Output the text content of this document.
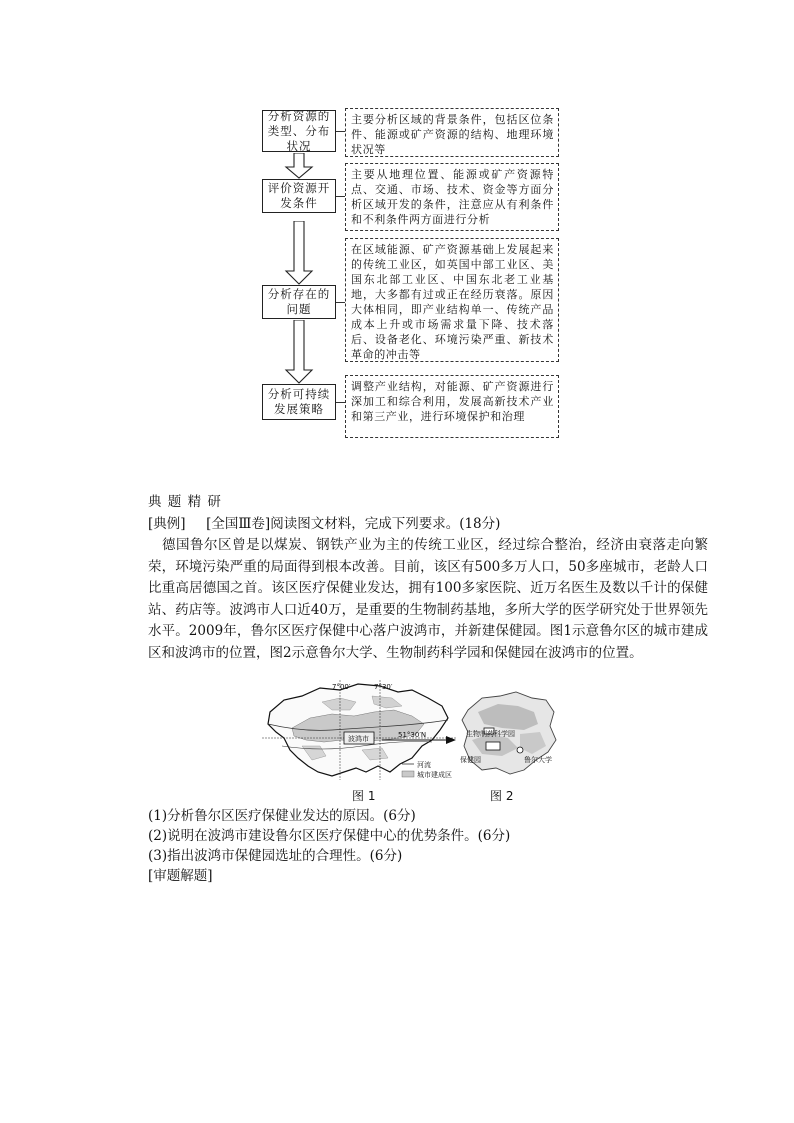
分析资源的类型、分布状况
主要分析区域的背景条件，包括区位条件、能源或矿产资源的结构、地理环境状况等
评价资源开发条件
主要从地理位置、能源或矿产资源特点、交通、市场、技术、资金等方面分析区域开发的条件，注意应从有利条件和不利条件两方面进行分析
分析存在的问题
在区域能源、矿产资源基础上发展起来的传统工业区，如英国中部工业区、美国东北部工业区、中国东北老工业基地，大多都有过或正在经历衰落。原因大体相同，即产业结构单一、传统产品成本上升或市场需求量下降、技术落后、设备老化、环境污染严重、新技术革命的冲击等
分析可持续发展策略
调整产业结构，对能源、矿产资源进行深加工和综合利用，发展高新技术产业和第三产业，进行环境保护和治理
典 题 精 研
[典例] [全国Ⅲ卷]阅读图文材料，完成下列要求。(18分)
德国鲁尔区曾是以煤炭、钢铁产业为主的传统工业区，经过综合整治，经济由衰落走向繁荣，环境污染严重的局面得到根本改善。目前，该区有500多万人口，50多座城市，老龄人口比重高居德国之首。该区医疗保健业发达，拥有100多家医院、近万名医生及数以千计的保健站、药店等。波鸿市人口近40万，是重要的生物制药基地，多所大学的医学研究处于世界领先水平。2009年，鲁尔区医疗保健中心落户波鸿市，并新建保健园。图1示意鲁尔区的城市建成区和波鸿市的位置，图2示意鲁尔大学、生物制药科学园和保健园在波鸿市的位置。
波鸿市
7°00′	7°30′
河流
城市建成区
51°30′N	生物制药科学园
保健园	鲁尔大学
图 1	图 2
(1)分析鲁尔区医疗保健业发达的原因。(6分)
(2)说明在波鸿市建设鲁尔区医疗保健中心的优势条件。(6分)
(3)指出波鸿市保健园选址的合理性。(6分)
[审题解题]
